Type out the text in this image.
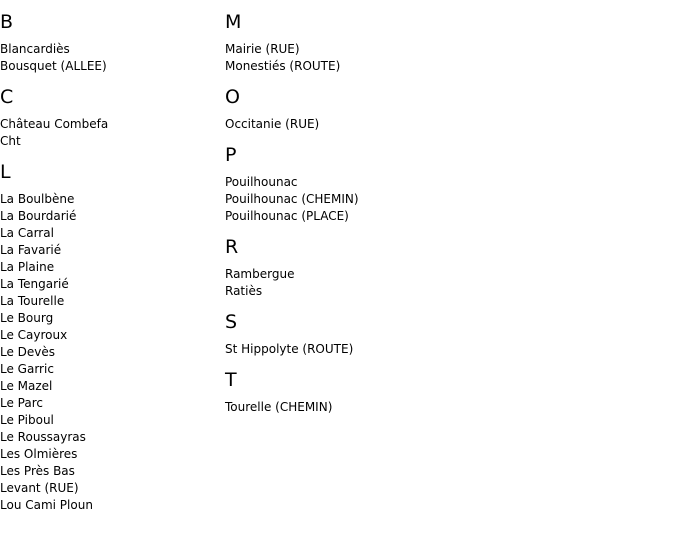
B
Blancardiès
Bousquet (ALLEE)
C
Château Combefa
Cht
L
La Boulbène
La Bourdarié
La Carral
La Favarié
La Plaine
La Tengarié
La Tourelle
Le Bourg
Le Cayroux
Le Devès
Le Garric
Le Mazel
Le Parc
Le Piboul
Le Roussayras
Les Olmières
Les Près Bas
Levant (RUE)
Lou Cami Ploun
M
Mairie (RUE)
Monestiés (ROUTE)
O
Occitanie (RUE)
P
Pouilhounac
Pouilhounac (CHEMIN)
Pouilhounac (PLACE)
R
Rambergue
Ratiès
S
St Hippolyte (ROUTE)
T
Tourelle (CHEMIN)
